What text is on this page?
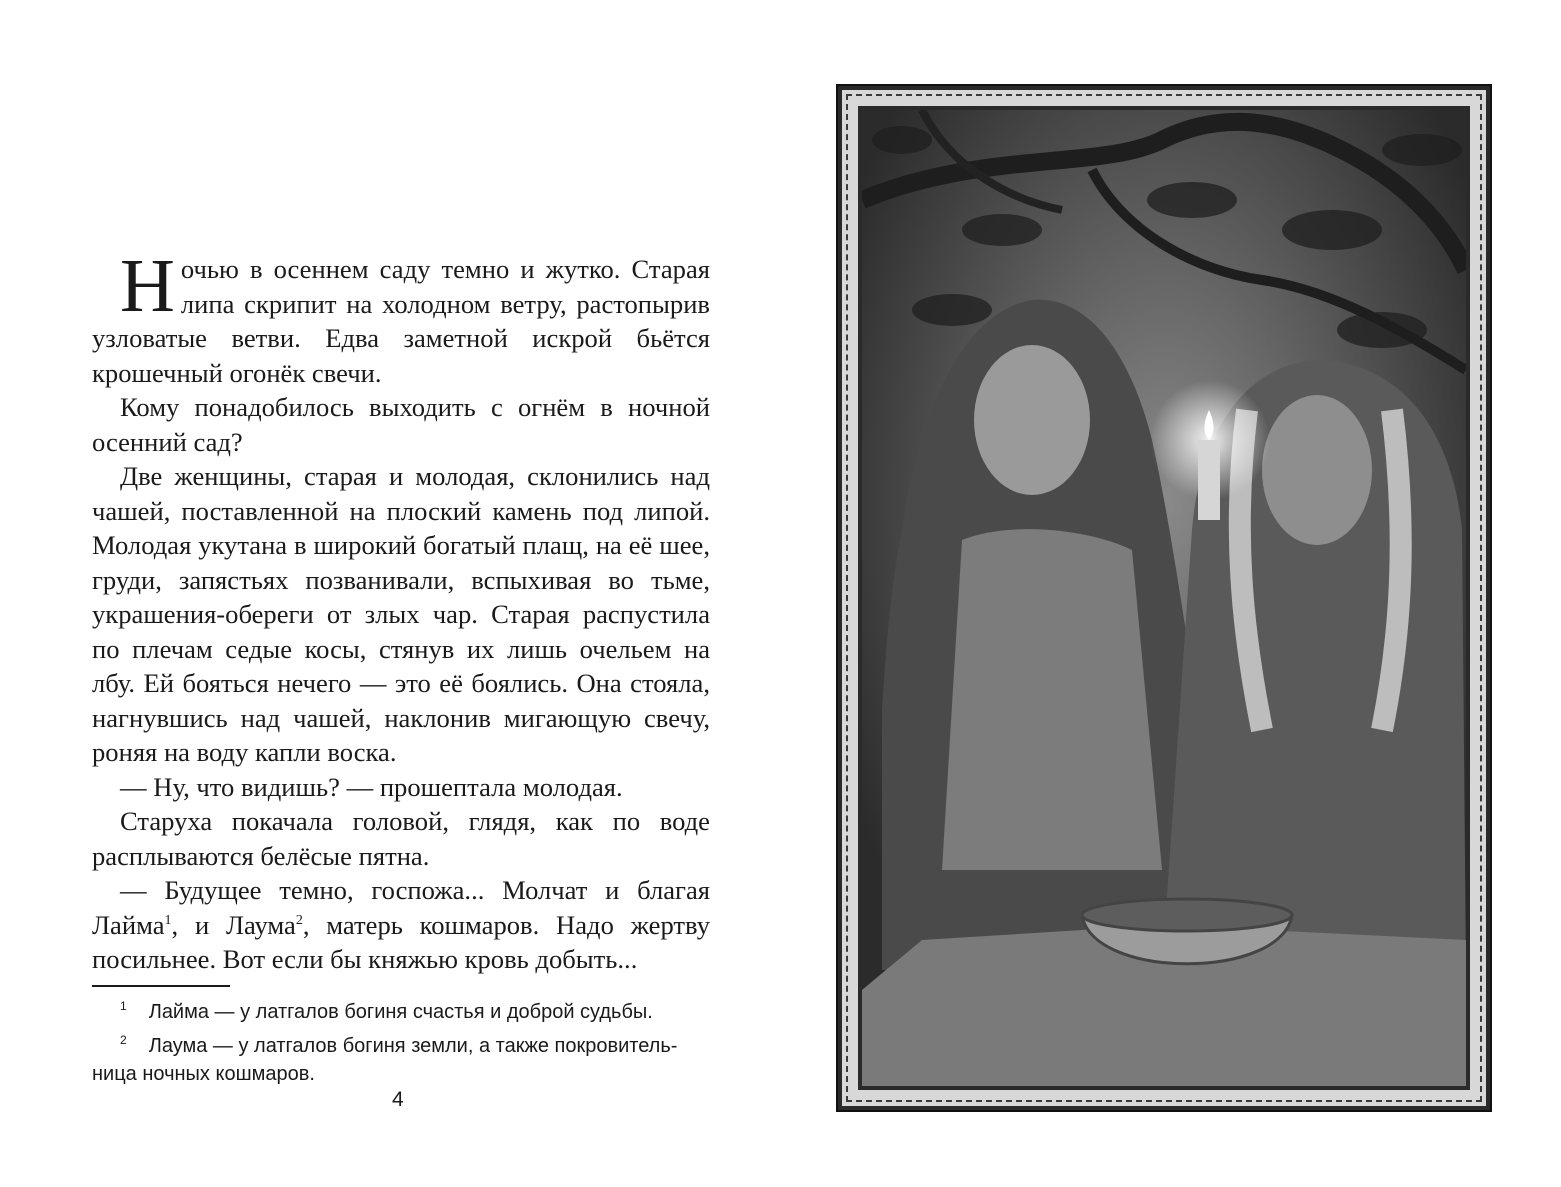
Ночью в осеннем саду темно и жутко. Старая липа скрипит на холодном ветру, растопырив узловатые ветви. Едва заметной искрой бьётся крошечный огонёк свечи.

Кому понадобилось выходить с огнём в ночной осенний сад?

Две женщины, старая и молодая, склонились над чашей, поставленной на плоский камень под липой. Молодая укутана в широкий богатый плащ, на её шее, груди, запястьях позванивали, вспыхивая во тьме, украшения-обереги от злых чар. Старая распустила по плечам седые косы, стянув их лишь очельем на лбу. Ей бояться нечего — это её боялись. Она стояла, нагнувшись над чашей, наклонив мигающую свечу, роняя на воду капли воска.

— Ну, что видишь? — прошептала молодая.

Старуха покачала головой, глядя, как по воде расплываются белёсые пятна.

— Будущее темно, госпожа... Молчат и благая Лайма$^1$, и Лаума$^2$, матерь кошмаров. Надо жертву посильнее. Вот если бы княжью кровь добыть...

$^1$ Лайма — у латгалов богиня счастья и доброй судьбы.

$^2$ Лаума — у латгалов богиня земли, а также покровитель-

ница ночных кошмаров.

4
